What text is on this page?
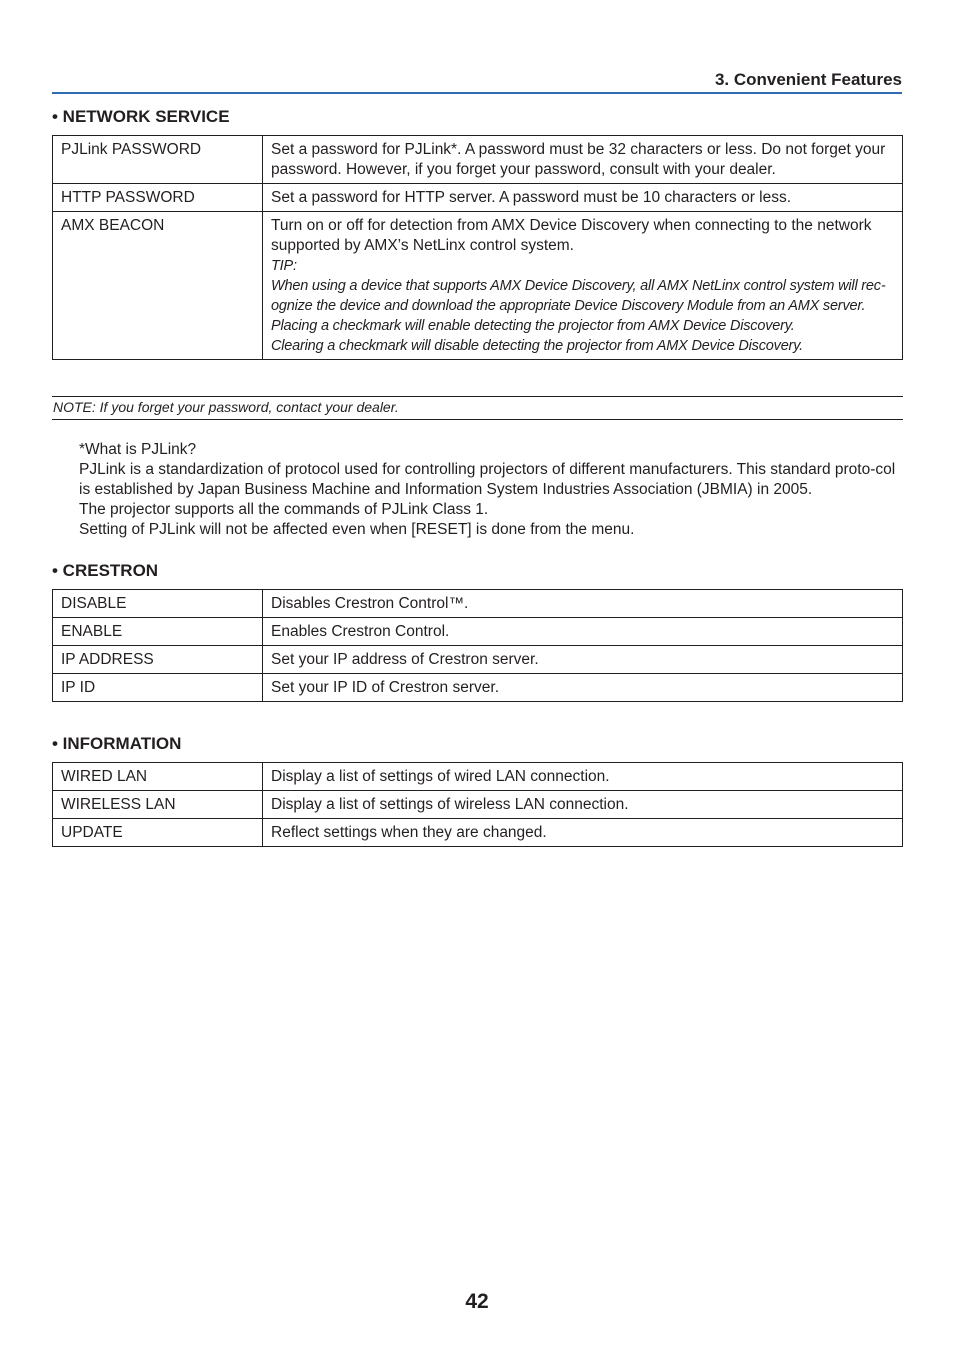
3. Convenient Features
• NETWORK SERVICE
PJLink PASSWORD	Set a password for PJLink*. A password must be 32 characters or less. Do not forget your password. However, if you forget your password, consult with your dealer.
HTTP PASSWORD	Set a password for HTTP server. A password must be 10 characters or less.
AMX BEACON	Turn on or off for detection from AMX Device Discovery when connecting to the network supported by AMX’s NetLinx control system.
TIP:
When using a device that supports AMX Device Discovery, all AMX NetLinx control system will rec-ognize the device and download the appropriate Device Discovery Module from an AMX server.
Placing a checkmark will enable detecting the projector from AMX Device Discovery.
Clearing a checkmark will disable detecting the projector from AMX Device Discovery.
NOTE: If you forget your password, contact your dealer.

*What is PJLink?

PJLink is a standardization of protocol used for controlling projectors of different manufacturers. This standard proto-col is established by Japan Business Machine and Information System Industries Association (JBMIA) in 2005.

The projector supports all the commands of PJLink Class 1.

Setting of PJLink will not be affected even when [RESET] is done from the menu.

• CRESTRON
DISABLE	Disables Crestron Control™.
ENABLE	Enables Crestron Control.
IP ADDRESS	Set your IP address of Crestron server.
IP ID	Set your IP ID of Crestron server.
• INFORMATION
WIRED LAN	Display a list of settings of wired LAN connection.
WIRELESS LAN	Display a list of settings of wireless LAN connection.
UPDATE	Reflect settings when they are changed.
42
